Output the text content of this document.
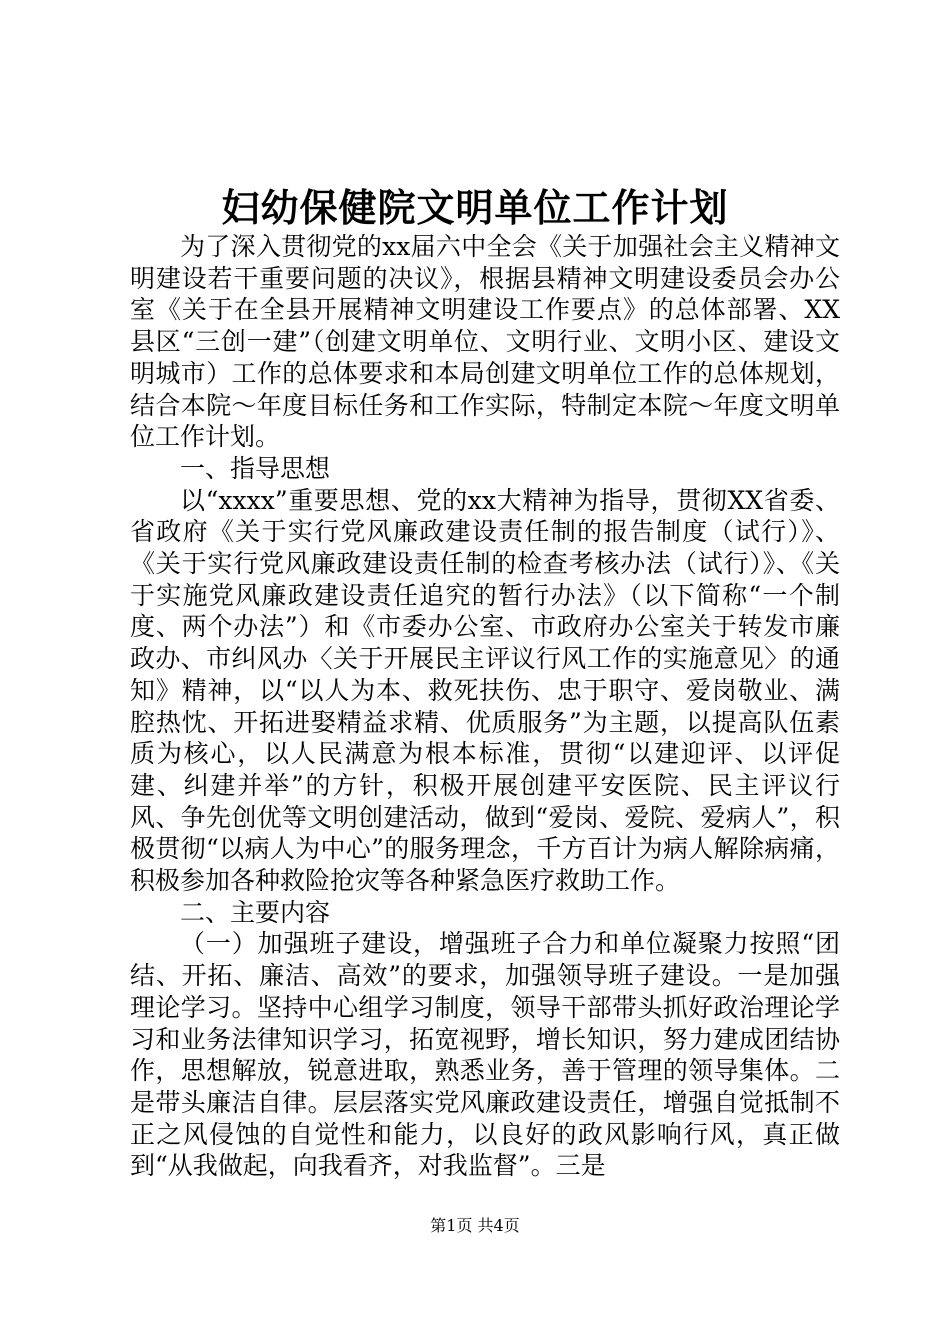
妇幼保健院文明单位工作计划

为了深入贯彻党的xx届六中全会《关于加强社会主义精神文明建设若干重要问题的决议》，根据县精神文明建设委员会办公室《关于在全县开展精神文明建设工作要点》的总体部署、XX县区“三创一建”（创建文明单位、文明行业、文明小区、建设文明城市）工作的总体要求和本局创建文明单位工作的总体规划，结合本院～年度目标任务和工作实际，特制定本院～年度文明单位工作计划。

一、指导思想

以“xxxx”重要思想、党的xx大精神为指导，贯彻XX省委、省政府《关于实行党风廉政建设责任制的报告制度（试行）》、《关于实行党风廉政建设责任制的检查考核办法（试行）》、《关于实施党风廉政建设责任追究的暂行办法》（以下简称“一个制度、两个办法”）和《市委办公室、市政府办公室关于转发市廉政办、市纠风办〈关于开展民主评议行风工作的实施意见〉的通知》精神，以“以人为本、救死扶伤、忠于职守、爱岗敬业、满腔热忱、开拓进娶精益求精、优质服务”为主题，以提高队伍素质为核心，以人民满意为根本标准，贯彻“以建迎评、以评促建、纠建并举”的方针，积极开展创建平安医院、民主评议行风、争先创优等文明创建活动，做到“爱岗、爱院、爱病人”，积极贯彻“以病人为中心”的服务理念，千方百计为病人解除病痛，积极参加各种救险抢灾等各种紧急医疗救助工作。

二、主要内容

（一）加强班子建设，增强班子合力和单位凝聚力按照“团结、开拓、廉洁、高效”的要求，加强领导班子建设。一是加强理论学习。坚持中心组学习制度，领导干部带头抓好政治理论学习和业务法律知识学习，拓宽视野，增长知识，努力建成团结协作，思想解放，锐意进取，熟悉业务，善于管理的领导集体。二是带头廉洁自律。层层落实党风廉政建设责任，增强自觉抵制不正之风侵蚀的自觉性和能力，以良好的政风影响行风，真正做到“从我做起，向我看齐，对我监督”。三是

第1页 共4页
